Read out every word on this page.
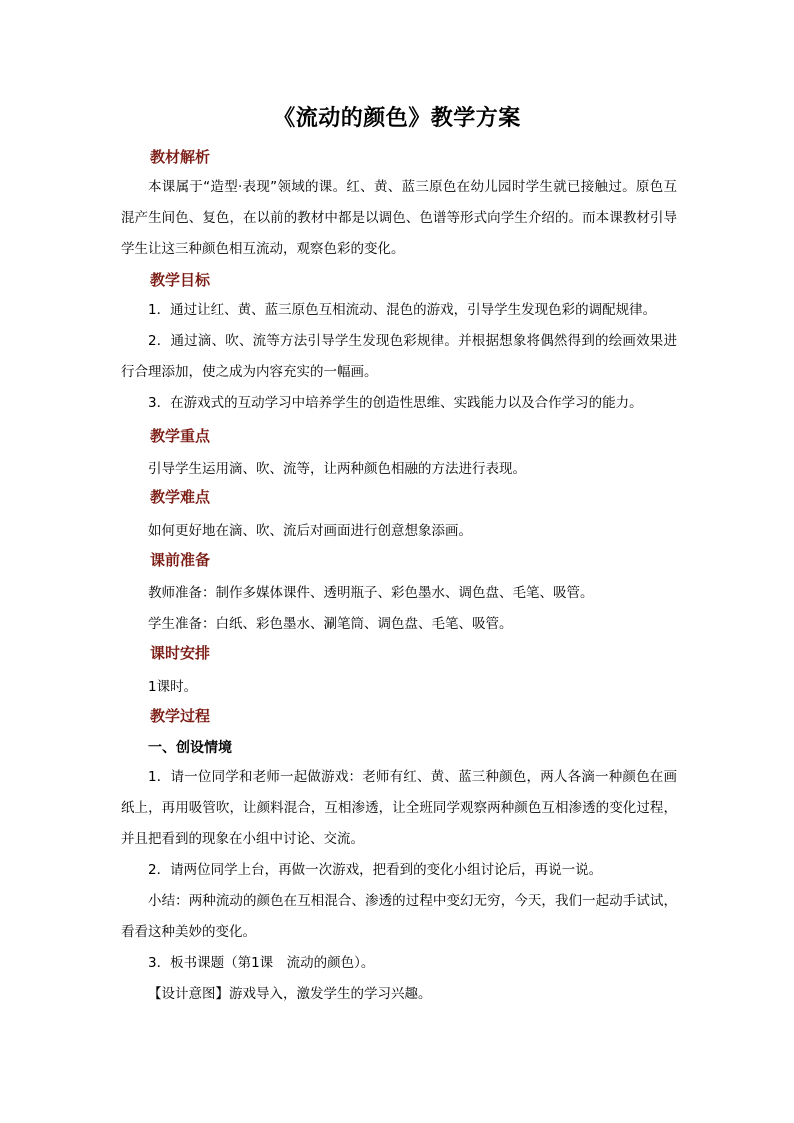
《流动的颜色》教学方案
教材解析

本课属于“造型·表现”领域的课。红、黄、蓝三原色在幼儿园时学生就已接触过。原色互混产生间色、复色，在以前的教材中都是以调色、色谱等形式向学生介绍的。而本课教材引导学生让这三种颜色相互流动，观察色彩的变化。

教学目标

1．通过让红、黄、蓝三原色互相流动、混色的游戏，引导学生发现色彩的调配规律。

2．通过滴、吹、流等方法引导学生发现色彩规律。并根据想象将偶然得到的绘画效果进行合理添加，使之成为内容充实的一幅画。

3．在游戏式的互动学习中培养学生的创造性思维、实践能力以及合作学习的能力。

教学重点

引导学生运用滴、吹、流等，让两种颜色相融的方法进行表现。

教学难点

如何更好地在滴、吹、流后对画面进行创意想象添画。

课前准备

教师准备：制作多媒体课件、透明瓶子、彩色墨水、调色盘、毛笔、吸管。

学生准备：白纸、彩色墨水、涮笔筒、调色盘、毛笔、吸管。

课时安排

1课时。

教学过程
一、创设情境

1．请一位同学和老师一起做游戏：老师有红、黄、蓝三种颜色，两人各滴一种颜色在画纸上，再用吸管吹，让颜料混合，互相渗透，让全班同学观察两种颜色互相渗透的变化过程，并且把看到的现象在小组中讨论、交流。

2．请两位同学上台，再做一次游戏，把看到的变化小组讨论后，再说一说。

小结：两种流动的颜色在互相混合、渗透的过程中变幻无穷，今天，我们一起动手试试，看看这种美妙的变化。

3．板书课题（第1课　流动的颜色）。

【设计意图】游戏导入，激发学生的学习兴趣。
